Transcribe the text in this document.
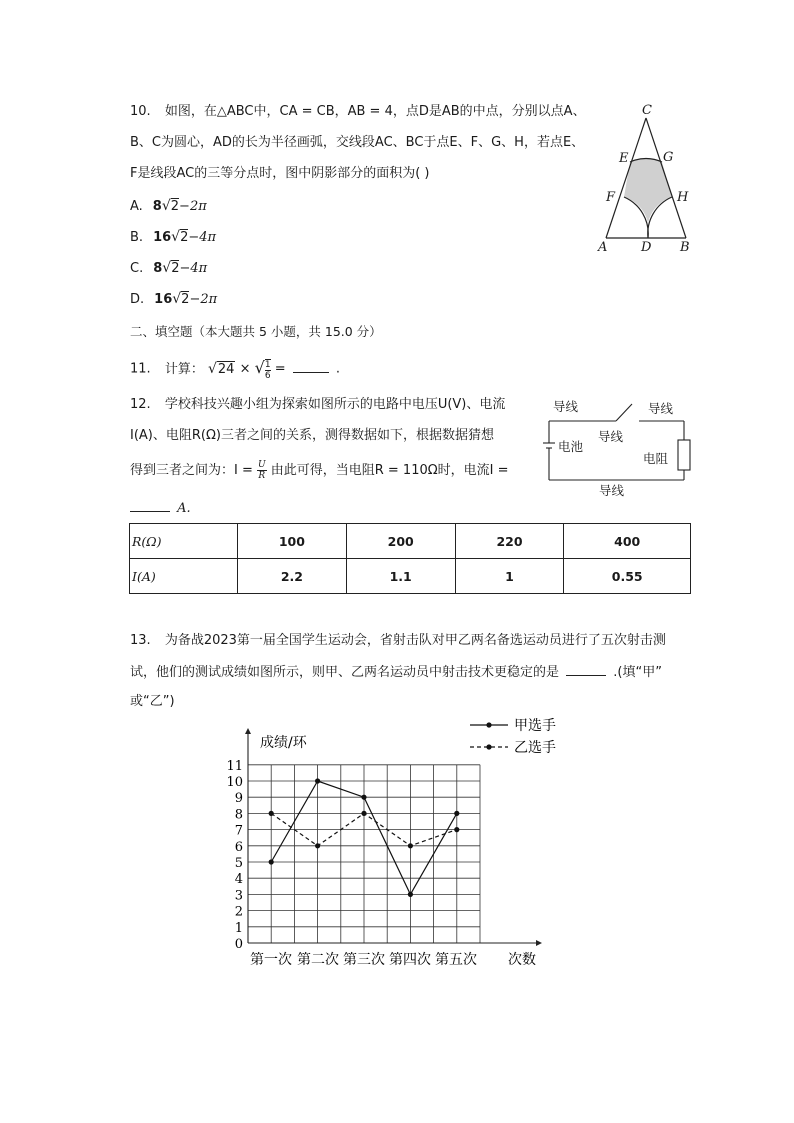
10. 如图，在△ABC中，CA = CB，AB = 4，点D是AB的中点，分别以点A、
B、C为圆心，AD的长为半径画弧，交线段AC、BC于点E、F、G、H，若点E、
F是线段AC的三等分点时，图中阴影部分的面积为( )
A. 8√2−2π
B. 16√2−4π
C. 8√2−4π
D. 16√2−2π
C
E	G
F	H
A	D B
二、填空题（本大题共 5 小题，共 15.0 分）
11. 计算： √24 × √ $\frac{1}{6}$ =	.
12. 学校科技兴趣小组为探索如图所示的电路中电压U(V)、电流
I(A)、电阻R(Ω)三者之间的关系，测得数据如下，根据数据猜想
得到三者之间为：$I = \frac{U}{R}$ 由此可得，当电阻R = 110Ω时，电流I =
A.
导线	导线
电池
导线
电阻
导线
R(Ω)	100	200	220	400
I(A)	2.2	1.1	1	0.55
13. 为备战2023第一届全国学生运动会，省射击队对甲乙两名备选运动员进行了五次射击测
试，他们的测试成绩如图所示，则甲、乙两名运动员中射击技术更稳定的是	.(填“甲”
或“乙”)
0
1
2
3
4
5
6
7
8
9
10
11
第一次 第二次 第三次 第四次 第五次
甲选手
乙选手
成绩/环
次数
